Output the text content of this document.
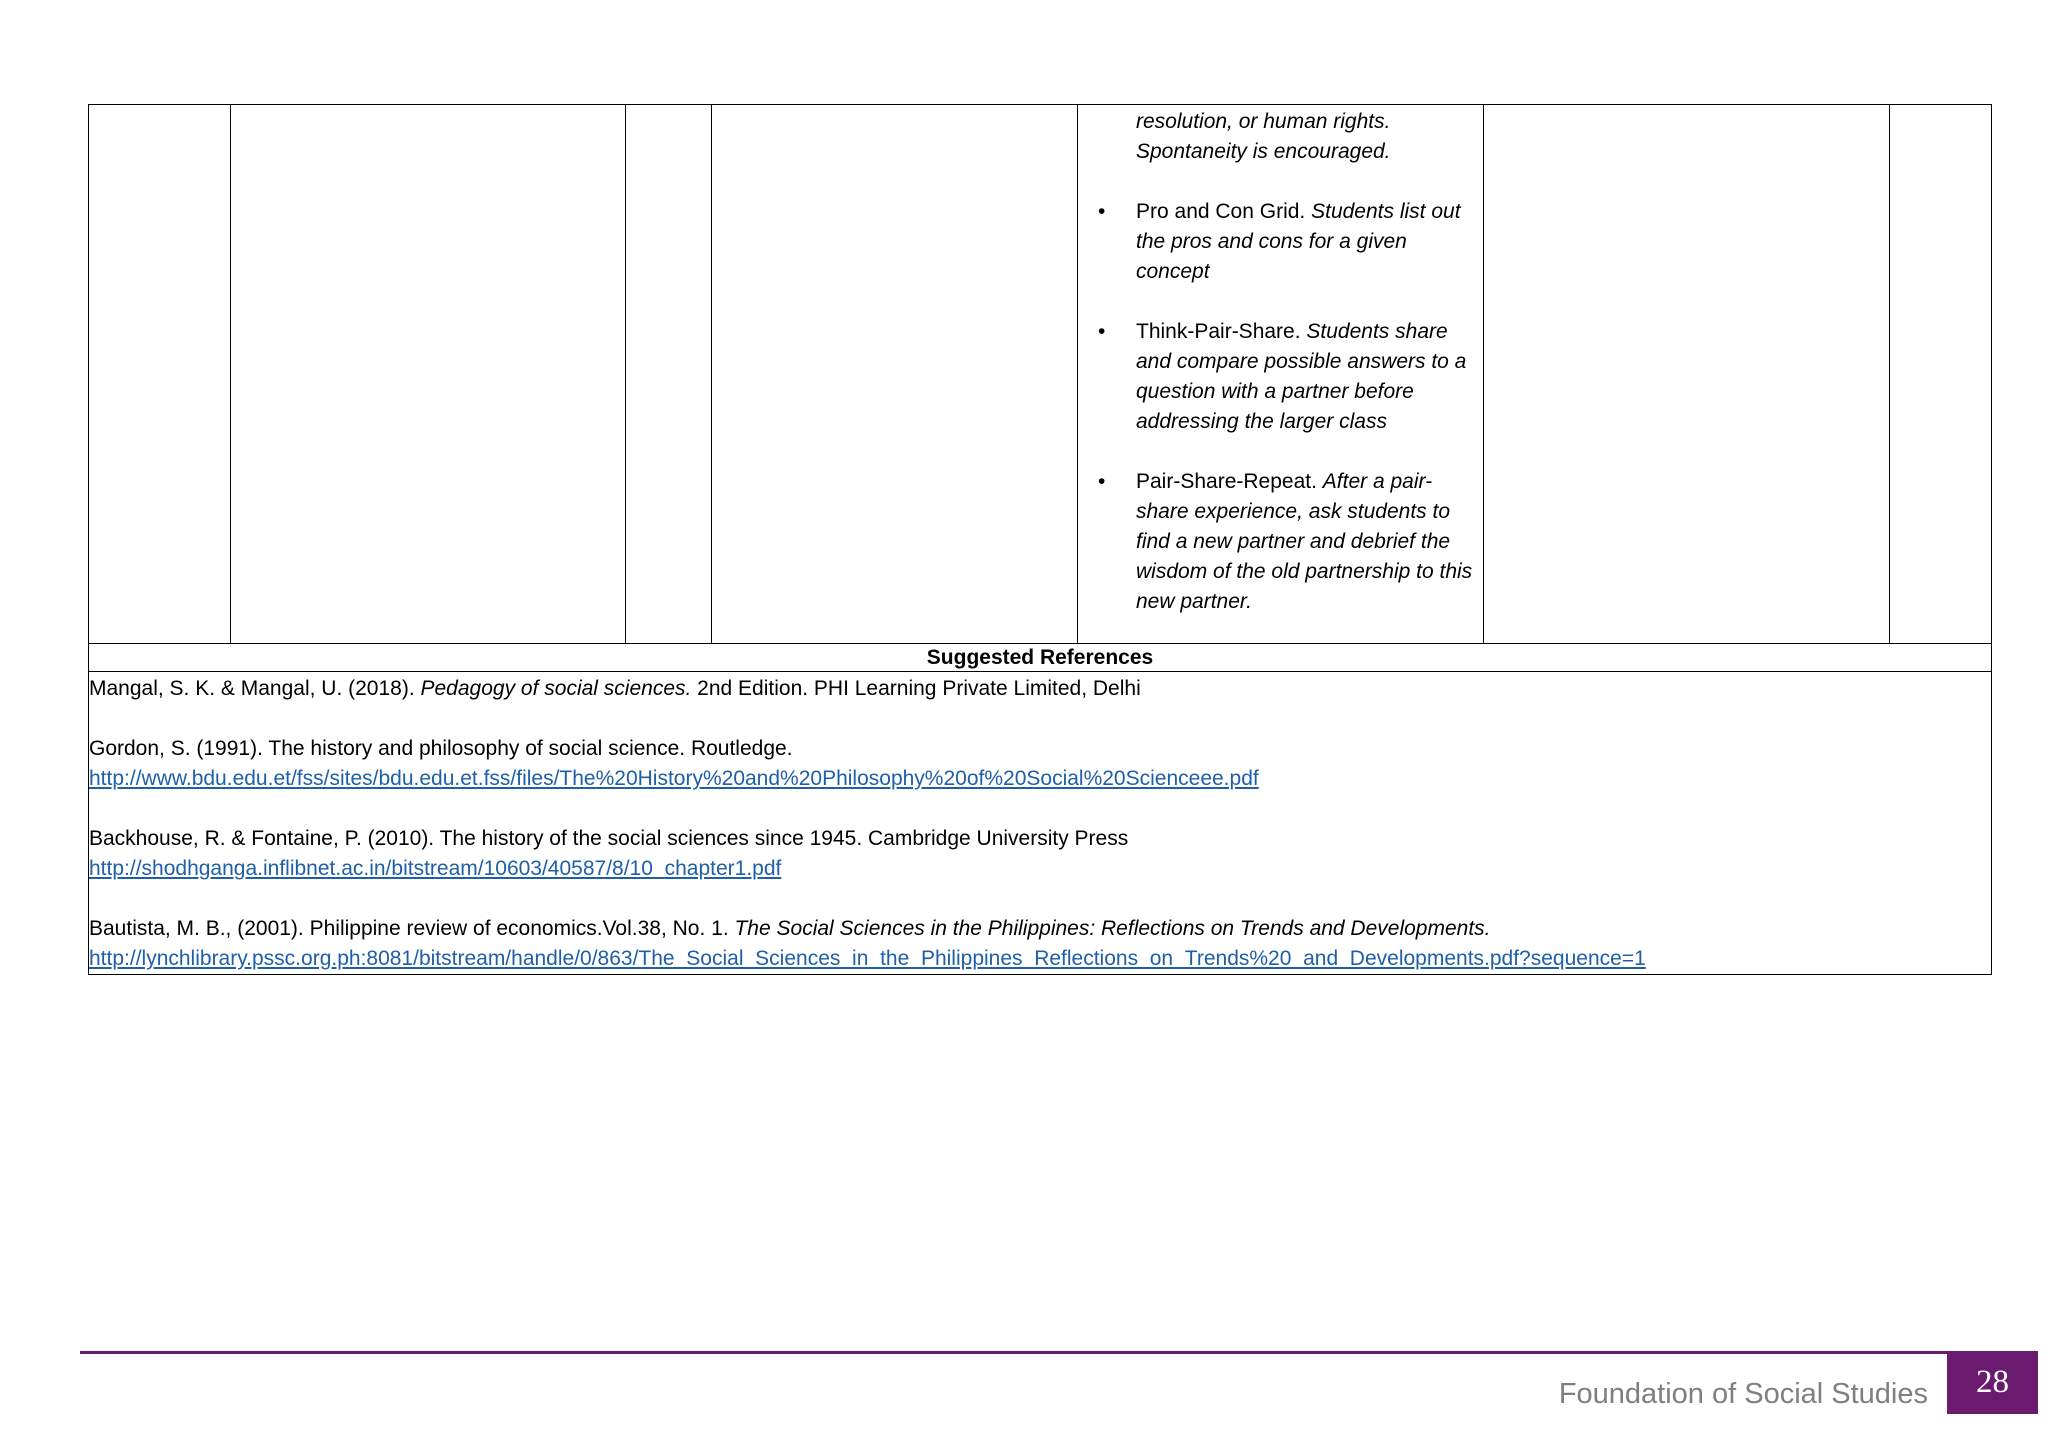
resolution, or human rights. Spontaneity is encouraged.
• Pro and Con Grid. Students list out the pros and cons for a given concept
• Think-Pair-Share. Students share and compare possible answers to a question with a partner before addressing the larger class
• Pair-Share-Repeat. After a pair-share experience, ask students to find a new partner and debrief the wisdom of the old partnership to this new partner.

Suggested References

Mangal, S. K. & Mangal, U. (2018). Pedagogy of social sciences. 2nd Edition. PHI Learning Private Limited, Delhi
Gordon, S. (1991). The history and philosophy of social science. Routledge.
http://www.bdu.edu.et/fss/sites/bdu.edu.et.fss/files/The%20History%20and%20Philosophy%20of%20Social%20Scienceee.pdf
Backhouse, R. & Fontaine, P. (2010). The history of the social sciences since 1945. Cambridge University Press
http://shodhganga.inflibnet.ac.in/bitstream/10603/40587/8/10_chapter1.pdf
Bautista, M. B., (2001). Philippine review of economics.Vol.38, No. 1. The Social Sciences in the Philippines: Reflections on Trends and Developments.
http://lynchlibrary.pssc.org.ph:8081/bitstream/handle/0/863/The_Social_Sciences_in_the_Philippines_Reflections_on_Trends%20_and_Developments.pdf?sequence=1
Foundation of Social Studies	28
